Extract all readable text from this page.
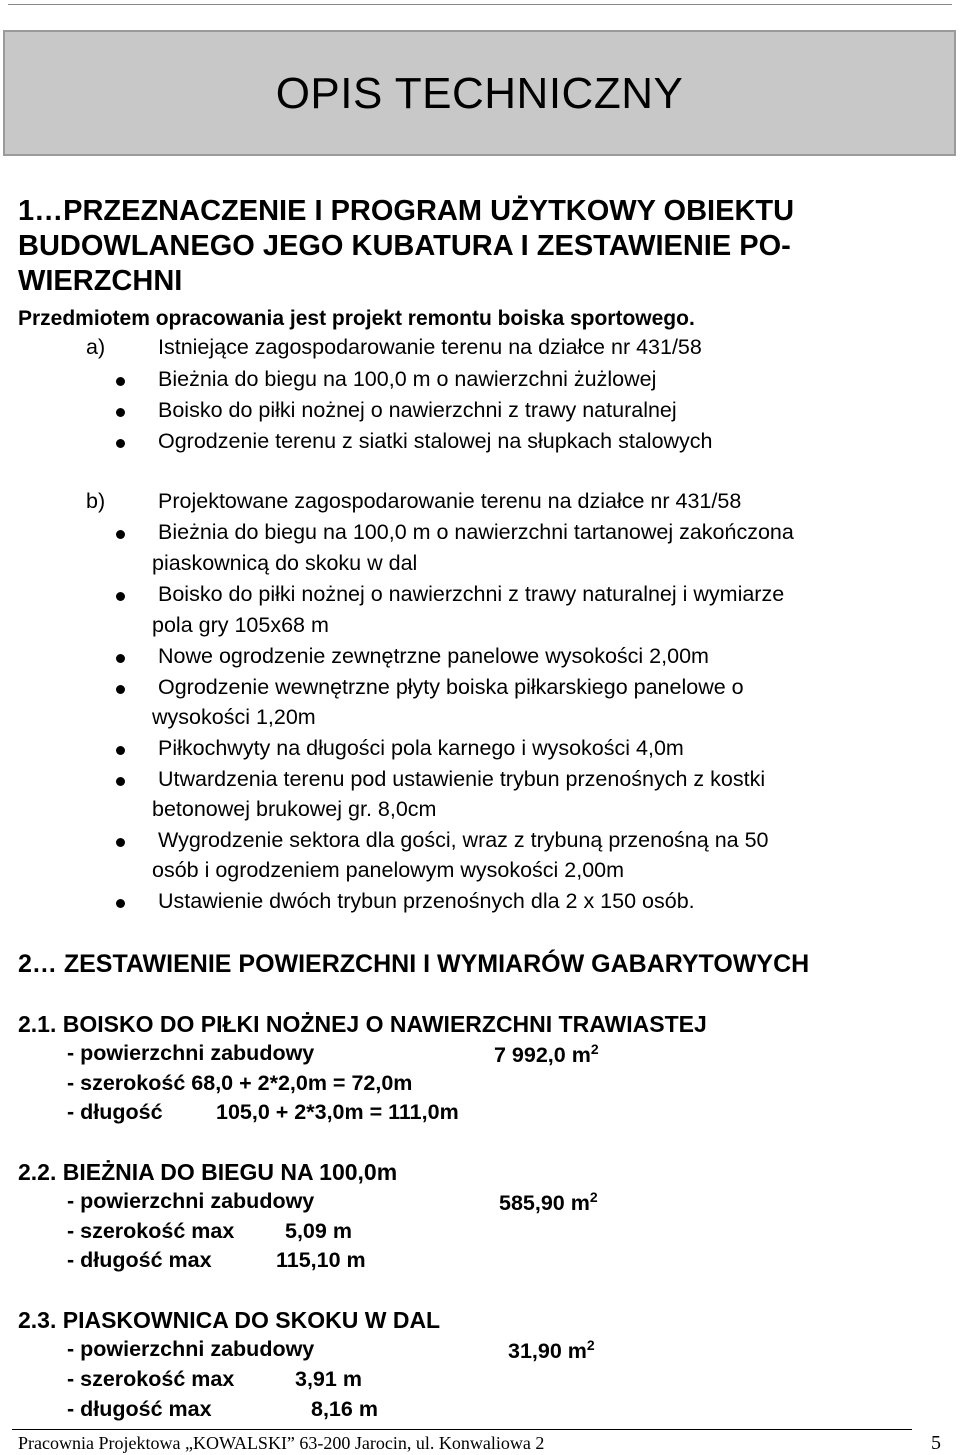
OPIS TECHNICZNY
1…PRZEZNACZENIE I PROGRAM UŻYTKOWY OBIEKTU BUDOWLANEGO JEGO KUBATURA I ZESTAWIENIE PO-WIERZCHNI
Przedmiotem opracowania jest projekt remontu boiska sportowego.
a) Istniejące zagospodarowanie terenu na działce nr 431/58
Bieżnia do biegu na 100,0 m o nawierzchni żużlowej
Boisko do piłki nożnej o nawierzchni z trawy naturalnej
Ogrodzenie terenu z siatki stalowej na słupkach stalowych
b) Projektowane zagospodarowanie terenu na działce nr 431/58
Bieżnia do biegu na 100,0 m o nawierzchni tartanowej zakończona
piaskownicą do skoku w dal
Boisko do piłki nożnej o nawierzchni z trawy naturalnej i wymiarze
pola gry 105x68 m
Nowe ogrodzenie zewnętrzne panelowe wysokości 2,00m
Ogrodzenie wewnętrzne płyty boiska piłkarskiego panelowe o
wysokości 1,20m
Piłkochwyty na długości pola karnego i wysokości 4,0m
Utwardzenia terenu pod ustawienie trybun przenośnych z kostki
betonowej brukowej gr. 8,0cm
Wygrodzenie sektora dla gości, wraz z trybuną przenośną na 50
osób i ogrodzeniem panelowym wysokości 2,00m
Ustawienie dwóch trybun przenośnych dla 2 x 150 osób.
2… ZESTAWIENIE POWIERZCHNI I WYMIARÓW GABARYTOWYCH
2.1. BOISKO DO PIŁKI NOŻNEJ O NAWIERZCHNI TRAWIASTEJ
- powierzchni zabudowy	7 992,0 $m^2$
- szerokość 68,0 + 2*2,0m = 72,0m
- długość 105,0 + 2*3,0m = 111,0m
2.2. BIEŻNIA DO BIEGU NA 100,0m
- powierzchni zabudowy	585,90 $m^2$
- szerokość max 5,09 m
- długość max	115,10 m
2.3. PIASKOWNICA DO SKOKU W DAL
- powierzchni zabudowy	31,90 $m^2$
- szerokość max	3,91 m
- długość max	8,16 m
Pracownia Projektowa „KOWALSKI” 63-200 Jarocin, ul. Konwaliowa 2	5
